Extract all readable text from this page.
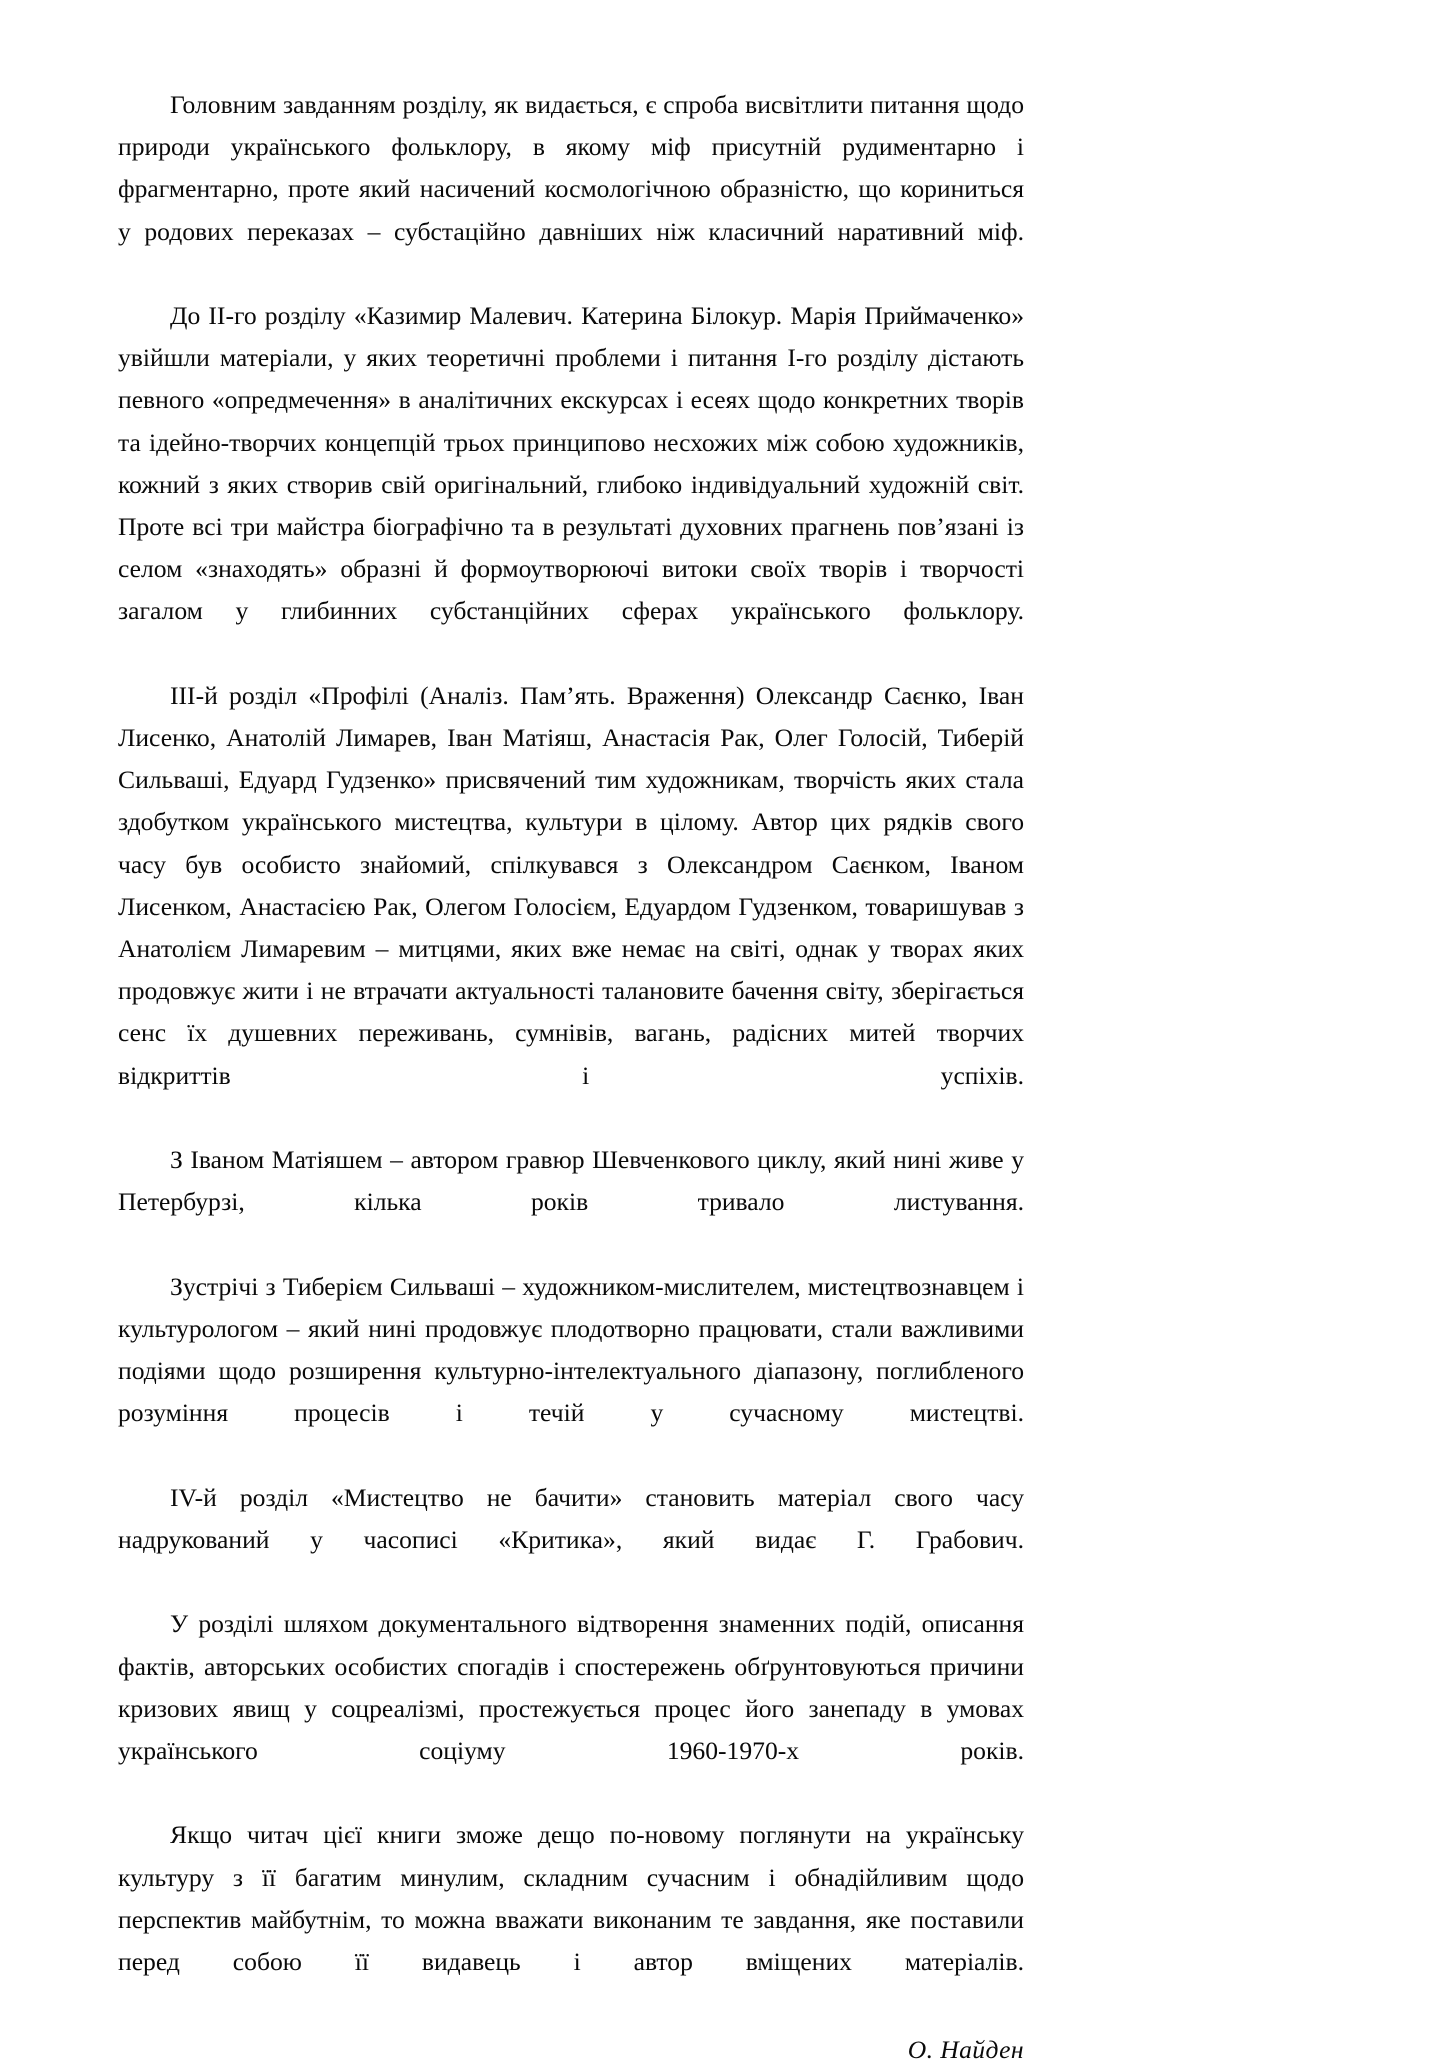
Головним завданням розділу, як видається, є спроба висвітлити питання щодо природи українського фольклору, в якому міф присутній рудиментарно і фрагментарно, проте який насичений космологічною образністю, що кориниться у родових переказах – субстаційно давніших ніж класичний наративний міф.

До ІІ-го розділу «Казимир Малевич. Катерина Білокур. Марія Приймаченко» увійшли матеріали, у яких теоретичні проблеми і питання І-го розділу дістають певного «опредмечення» в аналітичних екскурсах і есеях щодо конкретних творів та ідейно-творчих концепцій трьох принципово несхожих між собою художників, кожний з яких створив свій оригінальний, глибоко індивідуальний художній світ. Проте всі три майстра біографічно та в результаті духовних прагнень пов’язані із селом «знаходять» образні й формоутворюючі витоки своїх творів і творчості загалом у глибинних субстанційних сферах українського фольклору.

ІІІ-й розділ «Профілі (Аналіз. Пам’ять. Враження) Олександр Саєнко, Іван Лисенко, Анатолій Лимарев, Іван Матіяш, Анастасія Рак, Олег Голосій, Тиберій Сильваші, Едуард Гудзенко» присвячений тим художникам, творчість яких стала здобутком українського мистецтва, культури в цілому. Автор цих рядків свого часу був особисто знайомий, спілкувався з Олександром Саєнком, Іваном Лисенком, Анастасією Рак, Олегом Голосієм, Едуардом Гудзенком, товаришував з Анатолієм Лимаревим – митцями, яких вже немає на світі, однак у творах яких продовжує жити і не втрачати актуальності талановите бачення світу, зберігається сенс їх душевних переживань, сумнівів, вагань, радісних митей творчих відкриттів і успіхів.

З Іваном Матіяшем – автором гравюр Шевченкового циклу, який нині живе у Петербурзі, кілька років тривало листування.

Зустрічі з Тиберієм Сильваші – художником-мислителем, мистецтвознавцем і культурологом – який нині продовжує плодотворно працювати, стали важливими подіями щодо розширення культурно-інтелектуального діапазону, поглибленого розуміння процесів і течій у сучасному мистецтві.

ІV-й розділ «Мистецтво не бачити» становить матеріал свого часу надрукований у часописі «Критика», який видає Г. Грабович.

У розділі шляхом документального відтворення знаменних подій, описання фактів, авторських особистих спогадів і спостережень обґрунтовуються причини кризових явищ у соцреалізмі, простежується процес його занепаду в умовах українського соціуму 1960-1970-х років.

Якщо читач цієї книги зможе дещо по-новому поглянути на українську культуру з її багатим минулим, складним сучасним і обнадійливим щодо перспектив майбутнім, то можна вважати виконаним те завдання, яке поставили перед собою її видавець і автор вміщених матеріалів.

О. Найден
